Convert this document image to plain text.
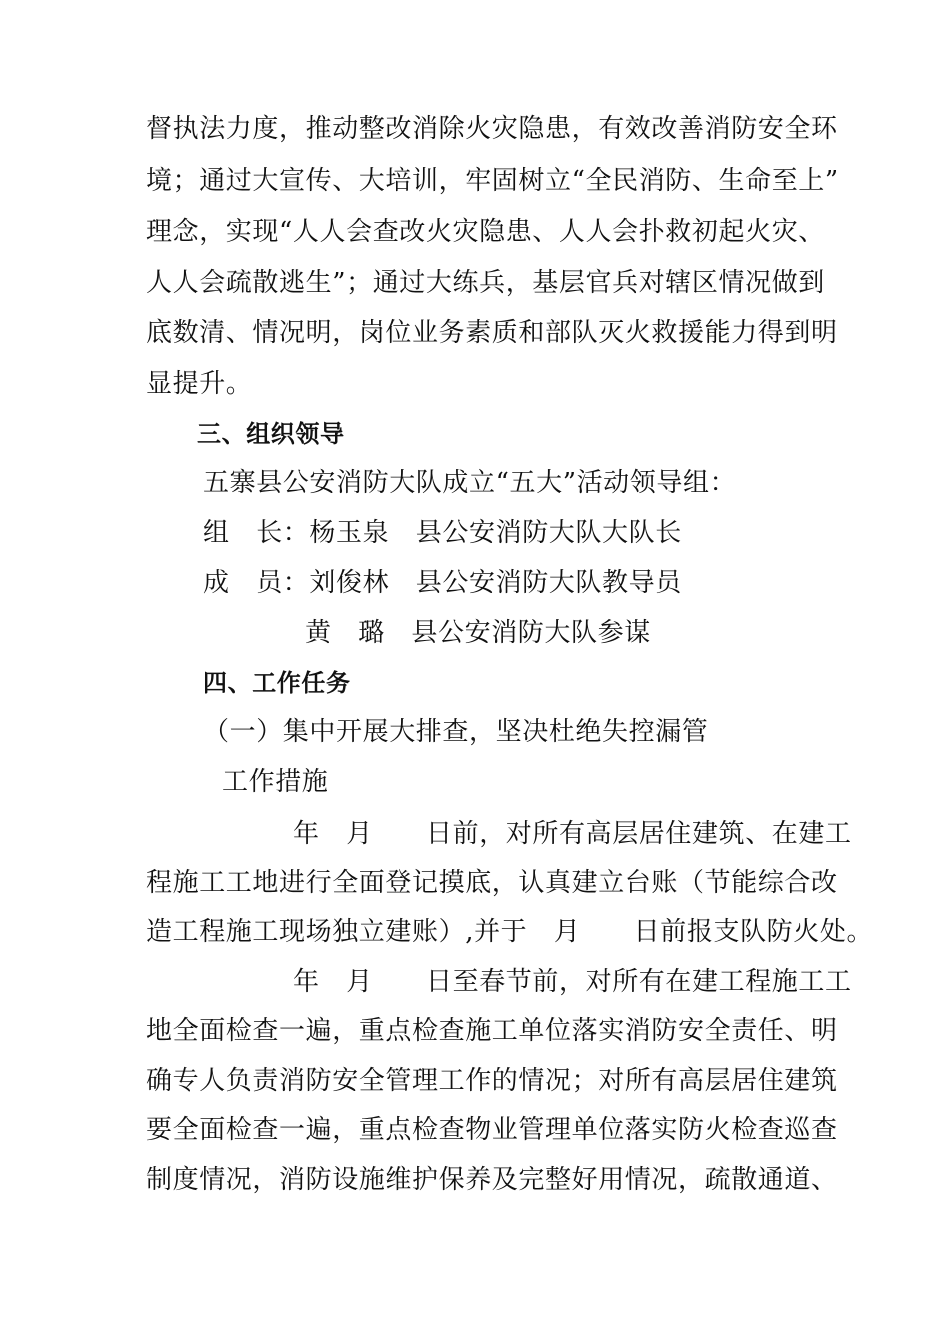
督执法力度，推动整改消除火灾隐患，有效改善消防安全环
境；通过大宣传、大培训，牢固树立“全民消防、生命至上”
理念，实现“人人会查改火灾隐患、人人会扑救初起火灾、
人人会疏散逃生”；通过大练兵，基层官兵对辖区情况做到
底数清、情况明，岗位业务素质和部队灭火救援能力得到明
显提升。
三、组织领导
五寨县公安消防大队成立“五大”活动领导组：
组　长：杨玉泉　县公安消防大队大队长
成　员：刘俊林　县公安消防大队教导员
黄　璐　县公安消防大队参谋
四、工作任务
（一）集中开展大排查，坚决杜绝失控漏管
工作措施
年　月　　日前，对所有高层居住建筑、在建工
程施工工地进行全面登记摸底，认真建立台账（节能综合改
造工程施工现场独立建账）,并于　月　　日前报支队防火处。
年　月　　日至春节前，对所有在建工程施工工
地全面检查一遍，重点检查施工单位落实消防安全责任、明
确专人负责消防安全管理工作的情况；对所有高层居住建筑
要全面检查一遍，重点检查物业管理单位落实防火检查巡查
制度情况，消防设施维护保养及完整好用情况，疏散通道、
